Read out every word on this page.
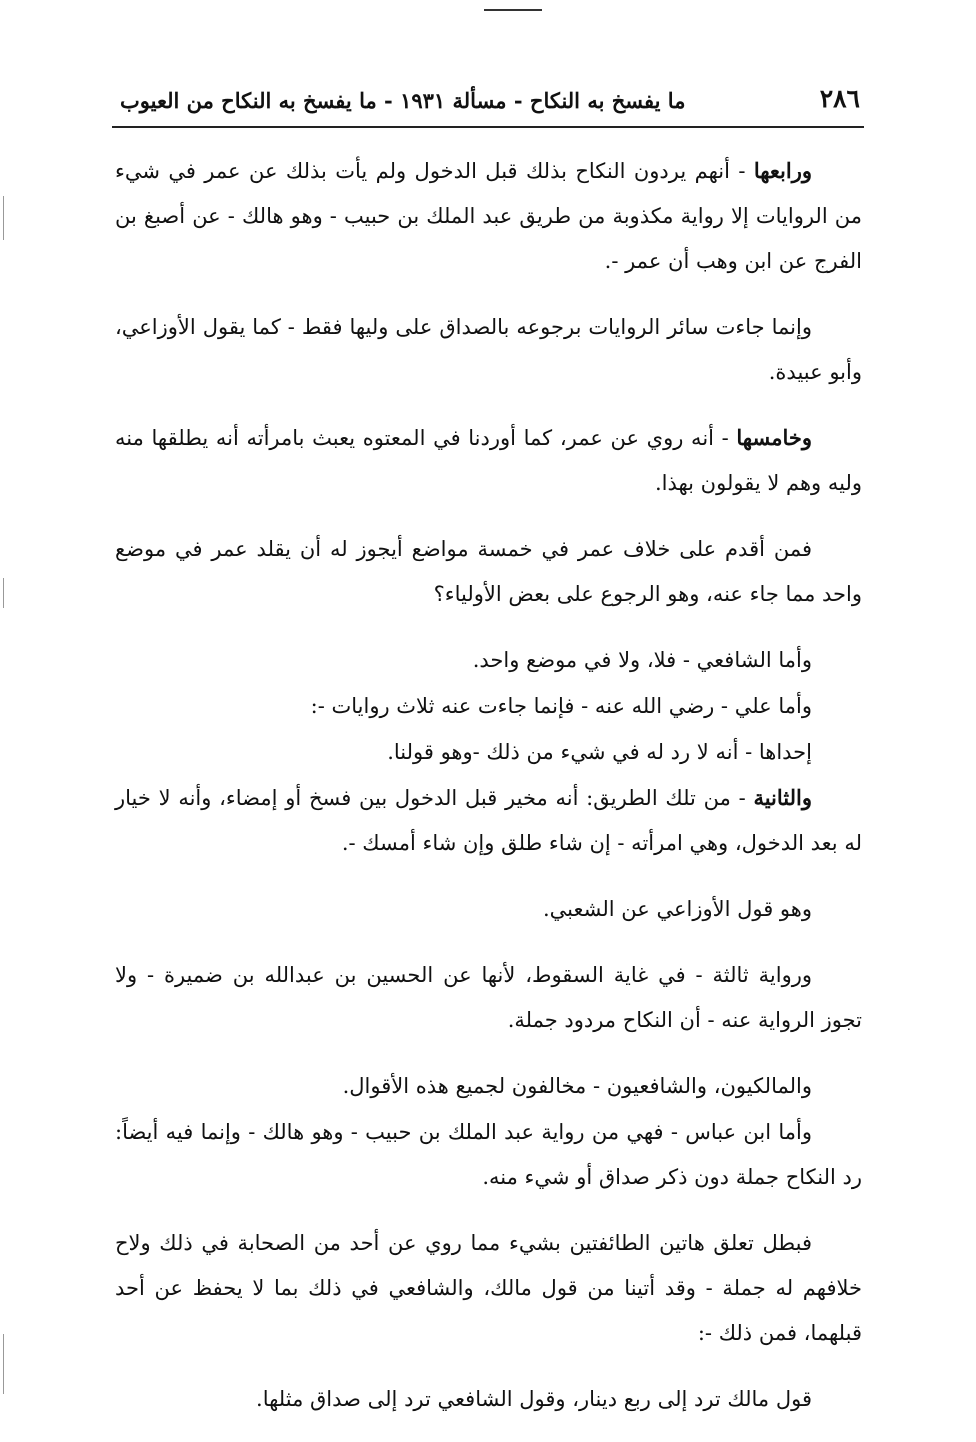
٢٨٦
ما يفسخ به النكاح - مسألة ١٩٣١ - ما يفسخ به النكاح من العيوب

ورابعها - أنهم يردون النكاح بذلك قبل الدخول ولم يأت بذلك عن عمر في شيء من الروايات إلا رواية مكذوبة من طريق عبد الملك بن حبيب - وهو هالك - عن أصبغ بن الفرج عن ابن وهب أن عمر -.

وإنما جاءت سائر الروايات برجوعه بالصداق على وليها فقط - كما يقول الأوزاعي، وأبو عبيدة.

وخامسها - أنه روي عن عمر، كما أوردنا في المعتوه يعبث بامرأته أنه يطلقها منه وليه وهم لا يقولون بهذا.

فمن أقدم على خلاف عمر في خمسة مواضع أيجوز له أن يقلد عمر في موضع واحد مما جاء عنه، وهو الرجوع على بعض الأولياء؟

وأما الشافعي - فلا، ولا في موضع واحد.

وأما علي - رضي الله عنه - فإنما جاءت عنه ثلاث روايات -:

إحداها - أنه لا رد له في شيء من ذلك -وهو قولنا.

والثانية - من تلك الطريق: أنه مخير قبل الدخول بين فسخ أو إمضاء، وأنه لا خيار له بعد الدخول، وهي امرأته - إن شاء طلق وإن شاء أمسك -.

وهو قول الأوزاعي عن الشعبي.

ورواية ثالثة - في غاية السقوط، لأنها عن الحسين بن عبدالله بن ضميرة - ولا تجوز الرواية عنه - أن النكاح مردود جملة.

والمالكيون، والشافعيون - مخالفون لجميع هذه الأقوال.

وأما ابن عباس - فهي من رواية عبد الملك بن حبيب - وهو هالك - وإنما فيه أيضاً: رد النكاح جملة دون ذكر صداق أو شيء منه.

فبطل تعلق هاتين الطائفتين بشيء مما روي عن أحد من الصحابة في ذلك ولاح خلافهم له جملة - وقد أتينا من قول مالك، والشافعي في ذلك بما لا يحفظ عن أحد قبلهما، فمن ذلك -:

قول مالك ترد إلى ربع دينار، وقول الشافعي ترد إلى صداق مثلها.
